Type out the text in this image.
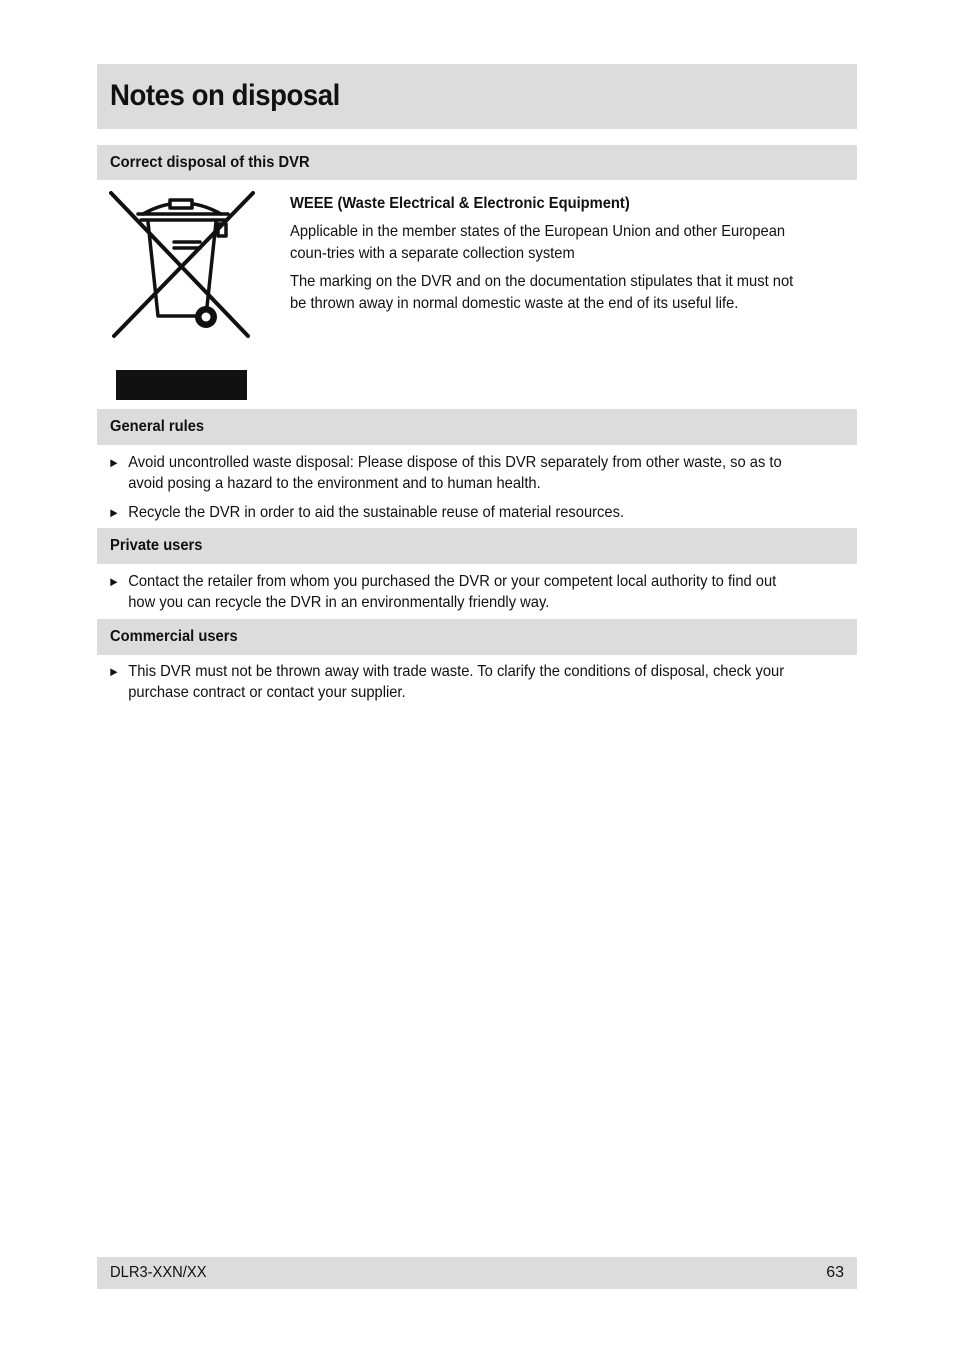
Notes on disposal
Correct disposal of this DVR
WEEE (Waste Electrical & Electronic Equipment)
Applicable in the member states of the European Union and other European coun-tries with a separate collection system
The marking on the DVR and on the documentation stipulates that it must not be thrown away in normal domestic waste at the end of its useful life.
General rules
► Avoid uncontrolled waste disposal: Please dispose of this DVR separately from other waste, so as to avoid posing a hazard to the environment and to human health.
► Recycle the DVR in order to aid the sustainable reuse of material resources.
Private users
► Contact the retailer from whom you purchased the DVR or your competent local authority to find out how you can recycle the DVR in an environmentally friendly way.
Commercial users
► This DVR must not be thrown away with trade waste. To clarify the conditions of disposal, check your purchase contract or contact your supplier.
DLR3-XXN/XX	63
